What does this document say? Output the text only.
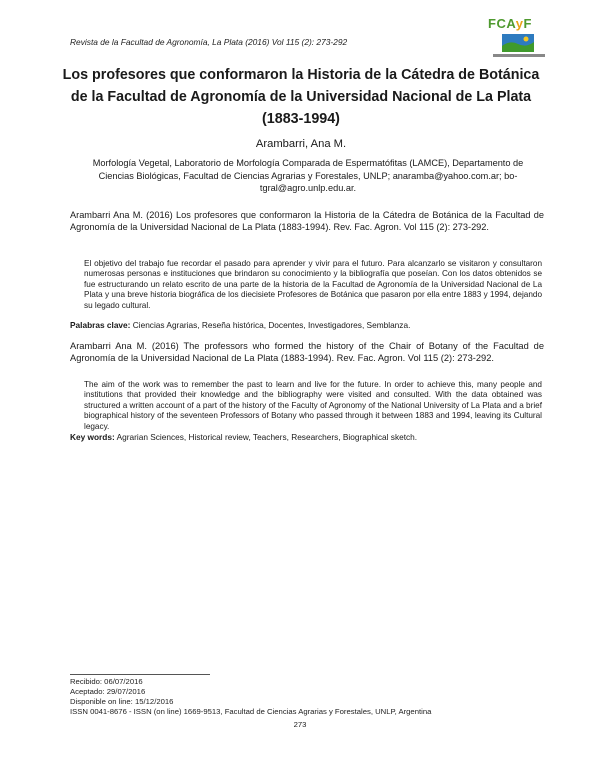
Revista de la Facultad de Agronomía, La Plata (2016) Vol 115 (2): 273-292
FCAyF
Los profesores que conformaron la Historia de la Cátedra de Botánica de la Facultad de Agronomía de la Universidad Nacional de La Plata (1883-1994)
Arambarri, Ana M.
Morfología Vegetal, Laboratorio de Morfología Comparada de Espermatófitas (LAMCE), Departamento de Ciencias Biológicas, Facultad de Ciencias Agrarias y Forestales, UNLP; anaramba@yahoo.com.ar; bo-tgral@agro.unlp.edu.ar.
Arambarri Ana M. (2016) Los profesores que conformaron la Historia de la Cátedra de Botánica de la Facultad de Agronomía de la Universidad Nacional de La Plata (1883-1994). Rev. Fac. Agron. Vol 115 (2): 273-292.
El objetivo del trabajo fue recordar el pasado para aprender y vivir para el futuro. Para alcanzarlo se visitaron y consultaron numerosas personas e instituciones que brindaron su conocimiento y la bibliografía que poseían. Con los datos obtenidos se fue estructurando un relato escrito de una parte de la historia de la Facultad de Agronomía de la Universidad Nacional de La Plata y una breve historia biográfica de los diecisiete Profesores de Botánica que pasaron por ella entre 1883 y 1994, dejando su legado cultural.
Palabras clave: Ciencias Agrarias, Reseña histórica, Docentes, Investigadores, Semblanza.
Arambarri Ana M. (2016) The professors who formed the history of the Chair of Botany of the Facultad de Agronomía de la Universidad Nacional de La Plata (1883-1994). Rev. Fac. Agron. Vol 115 (2): 273-292.
The aim of the work was to remember the past to learn and live for the future. In order to achieve this, many people and institutions that provided their knowledge and the bibliography were visited and consulted. With the data obtained was structured a written account of a part of the history of the Faculty of Agronomy of the National University of La Plata and a brief biographical history of the seventeen Professors of Botany who passed through it between 1883 and 1994, leaving its Cultural legacy.
Key words: Agrarian Sciences, Historical review, Teachers, Researchers, Biographical sketch.
Recibido: 06/07/2016
Aceptado: 29/07/2016
Disponible on line: 15/12/2016
ISSN 0041-8676 - ISSN (on line) 1669-9513, Facultad de Ciencias Agrarias y Forestales, UNLP, Argentina
273
